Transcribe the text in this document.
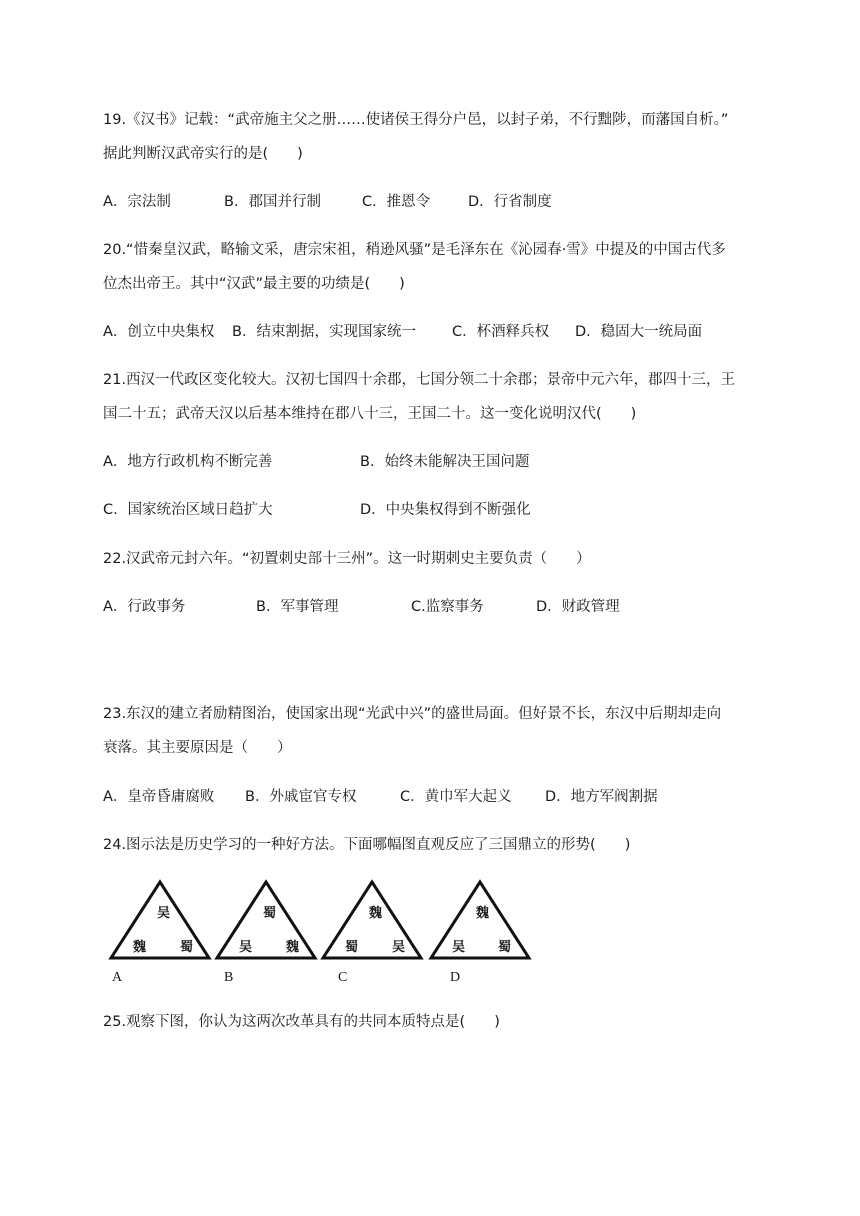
19.《汉书》记载：“武帝施主父之册……使诸侯王得分户邑，以封子弟，不行黜陟，而藩国自析。”
据此判断汉武帝实行的是(　　)
A．宗法制	B．郡国并行制	C．推恩令	D．行省制度
20.“惜秦皇汉武，略输文采，唐宗宋祖，稍逊风骚”是毛泽东在《沁园春·雪》中提及的中国古代多
位杰出帝王。其中“汉武”最主要的功绩是(　　)
A．创立中央集权 B．结束割据，实现国家统一 C．杯酒释兵权 D．稳固大一统局面
21.西汉一代政区变化较大。汉初七国四十余郡，七国分领二十余郡；景帝中元六年，郡四十三，王
国二十五；武帝天汉以后基本维持在郡八十三，王国二十。这一变化说明汉代(　　)
A．地方行政机构不断完善	B．始终未能解决王国问题
C．国家统治区域日趋扩大	D．中央集权得到不断强化
22.汉武帝元封六年。“初置刺史部十三州”。这一时期刺史主要负责（　　）
A．行政事务	B．军事管理	C.监察事务	D．财政管理
23.东汉的建立者励精图治，使国家出现“光武中兴”的盛世局面。但好景不长，东汉中后期却走向
衰落。其主要原因是（　　）
A．皇帝昏庸腐败 B．外戚宦官专权	C．黄巾军大起义 D．地方军阀割据
24.图示法是历史学习的一种好方法。下面哪幅图直观反应了三国鼎立的形势(　　)
吴
魏	蜀
A
蜀
吴	魏
B
魏
蜀	吴
C
魏
吴	蜀
D
25.观察下图，你认为这两次改革具有的共同本质特点是(　　)
